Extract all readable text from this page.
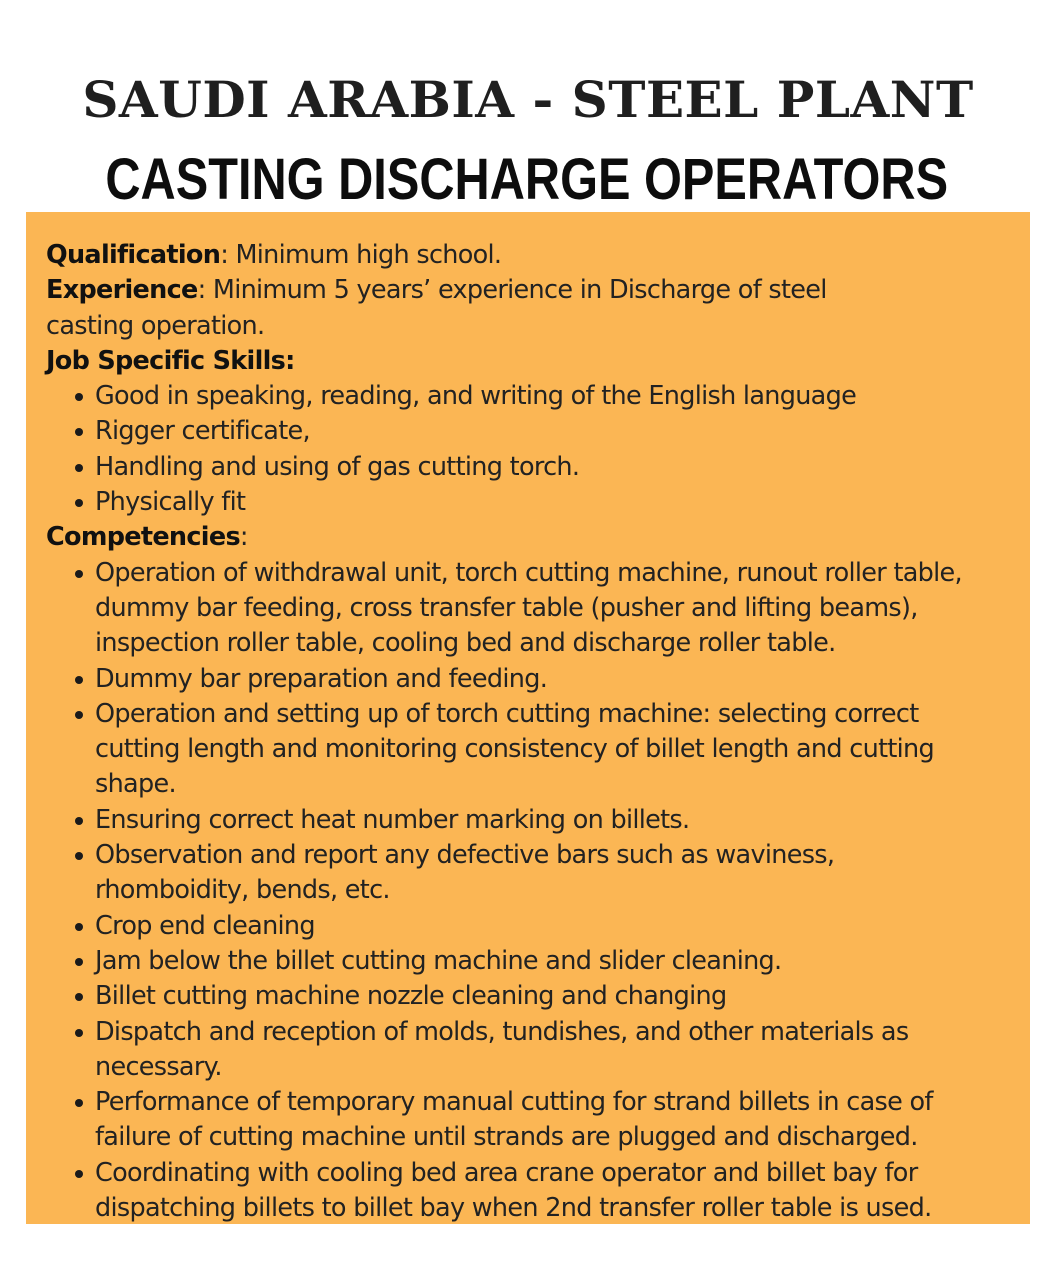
SAUDI ARABIA - STEEL PLANT
CASTING DISCHARGE OPERATORS

Qualification: Minimum high school.

Experience: Minimum 5 years’ experience in Discharge of steel

casting operation.

Job Specific Skills:

Good in speaking, reading, and writing of the English language
Rigger certificate,
Handling and using of gas cutting torch.
Physically fit

Competencies:

Operation of withdrawal unit, torch cutting machine, runout roller table,
dummy bar feeding, cross transfer table (pusher and lifting beams),
inspection roller table, cooling bed and discharge roller table.
Dummy bar preparation and feeding.
Operation and setting up of torch cutting machine: selecting correct
cutting length and monitoring consistency of billet length and cutting
shape.
Ensuring correct heat number marking on billets.
Observation and report any defective bars such as waviness,
rhomboidity, bends, etc.
Crop end cleaning
Jam below the billet cutting machine and slider cleaning.
Billet cutting machine nozzle cleaning and changing
Dispatch and reception of molds, tundishes, and other materials as
necessary.
Performance of temporary manual cutting for strand billets in case of
failure of cutting machine until strands are plugged and discharged.
Coordinating with cooling bed area crane operator and billet bay for
dispatching billets to billet bay when 2nd transfer roller table is used.
